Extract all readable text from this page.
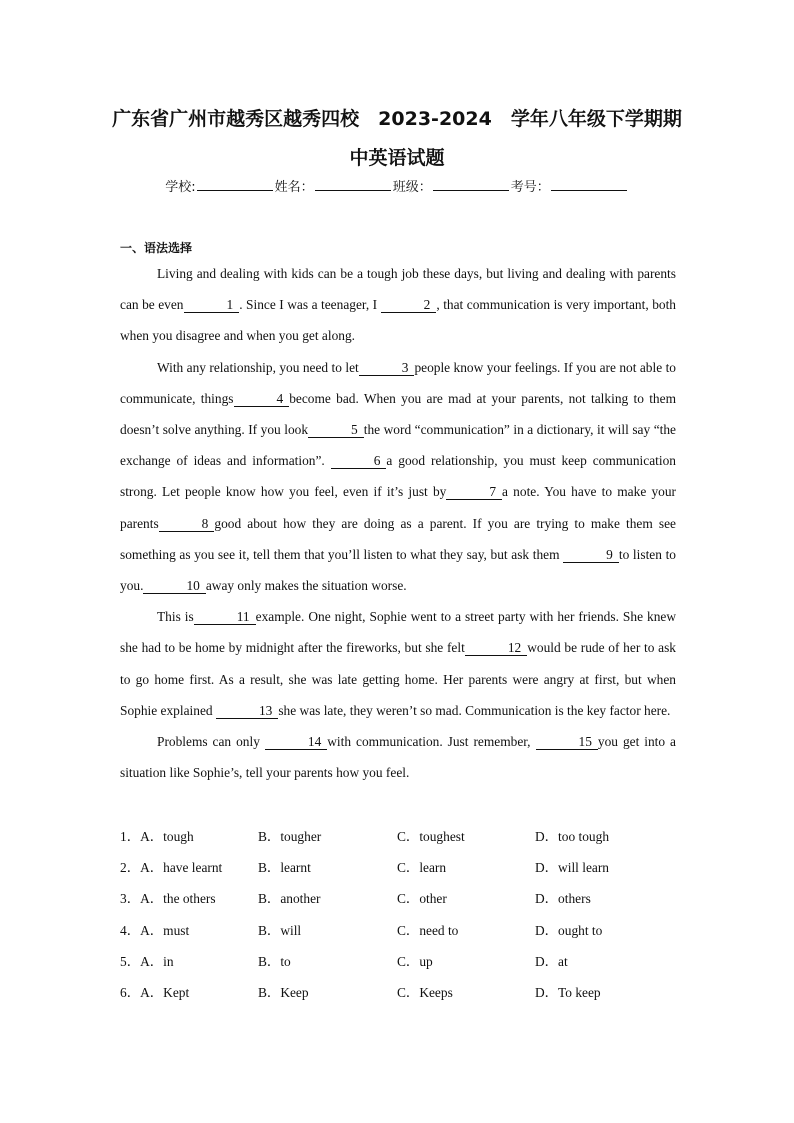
广东省广州市越秀区越秀四校　2023-2024　学年八年级下学期期
中英语试题
学校:	姓名：	班级：	考号：
一、语法选择

Living and dealing with kids can be a tough job these days, but living and dealing with parents can be even	1 . Since I was a teenager, I	2 , that communication is very important, both when you disagree and when you get along.

With any relationship, you need to let	3 people know your feelings. If you are not able to communicate, things	4 become bad. When you are mad at your parents, not talking to them doesn’t solve anything. If you look	5 the word “communication” in a dictionary, it will say “the exchange of ideas and information”.	6 a good relationship, you must keep communication strong. Let people know how you feel, even if it’s just by	7 a note. You have to make your parents	8 good about how they are doing as a parent. If you are trying to make them see something as you see it, tell them that you’ll listen to what they say, but ask them	9 to listen to you.	10 away only makes the situation worse.

This is	11 example. One night, Sophie went to a street party with her friends. She knew she had to be home by midnight after the fireworks, but she felt	12 would be rude of her to ask to go home first. As a result, she was late getting home. Her parents were angry at first, but when Sophie explained	13 she was late, they weren’t so mad. Communication is the key factor here.

Problems can only	14 with communication. Just remember,	15 you get into a situation like Sophie’s, tell your parents how you feel.

1．A．tough	B．tougher	C．toughest	D．too tough
2．A．have learnt	B．learnt	C．learn	D．will learn
3．A．the others	B．another	C．other	D．others
4．A．must	B．will	C．need to	D．ought to
5．A．in	B．to	C．up	D．at
6．A．Kept	B．Keep	C．Keeps	D．To keep
